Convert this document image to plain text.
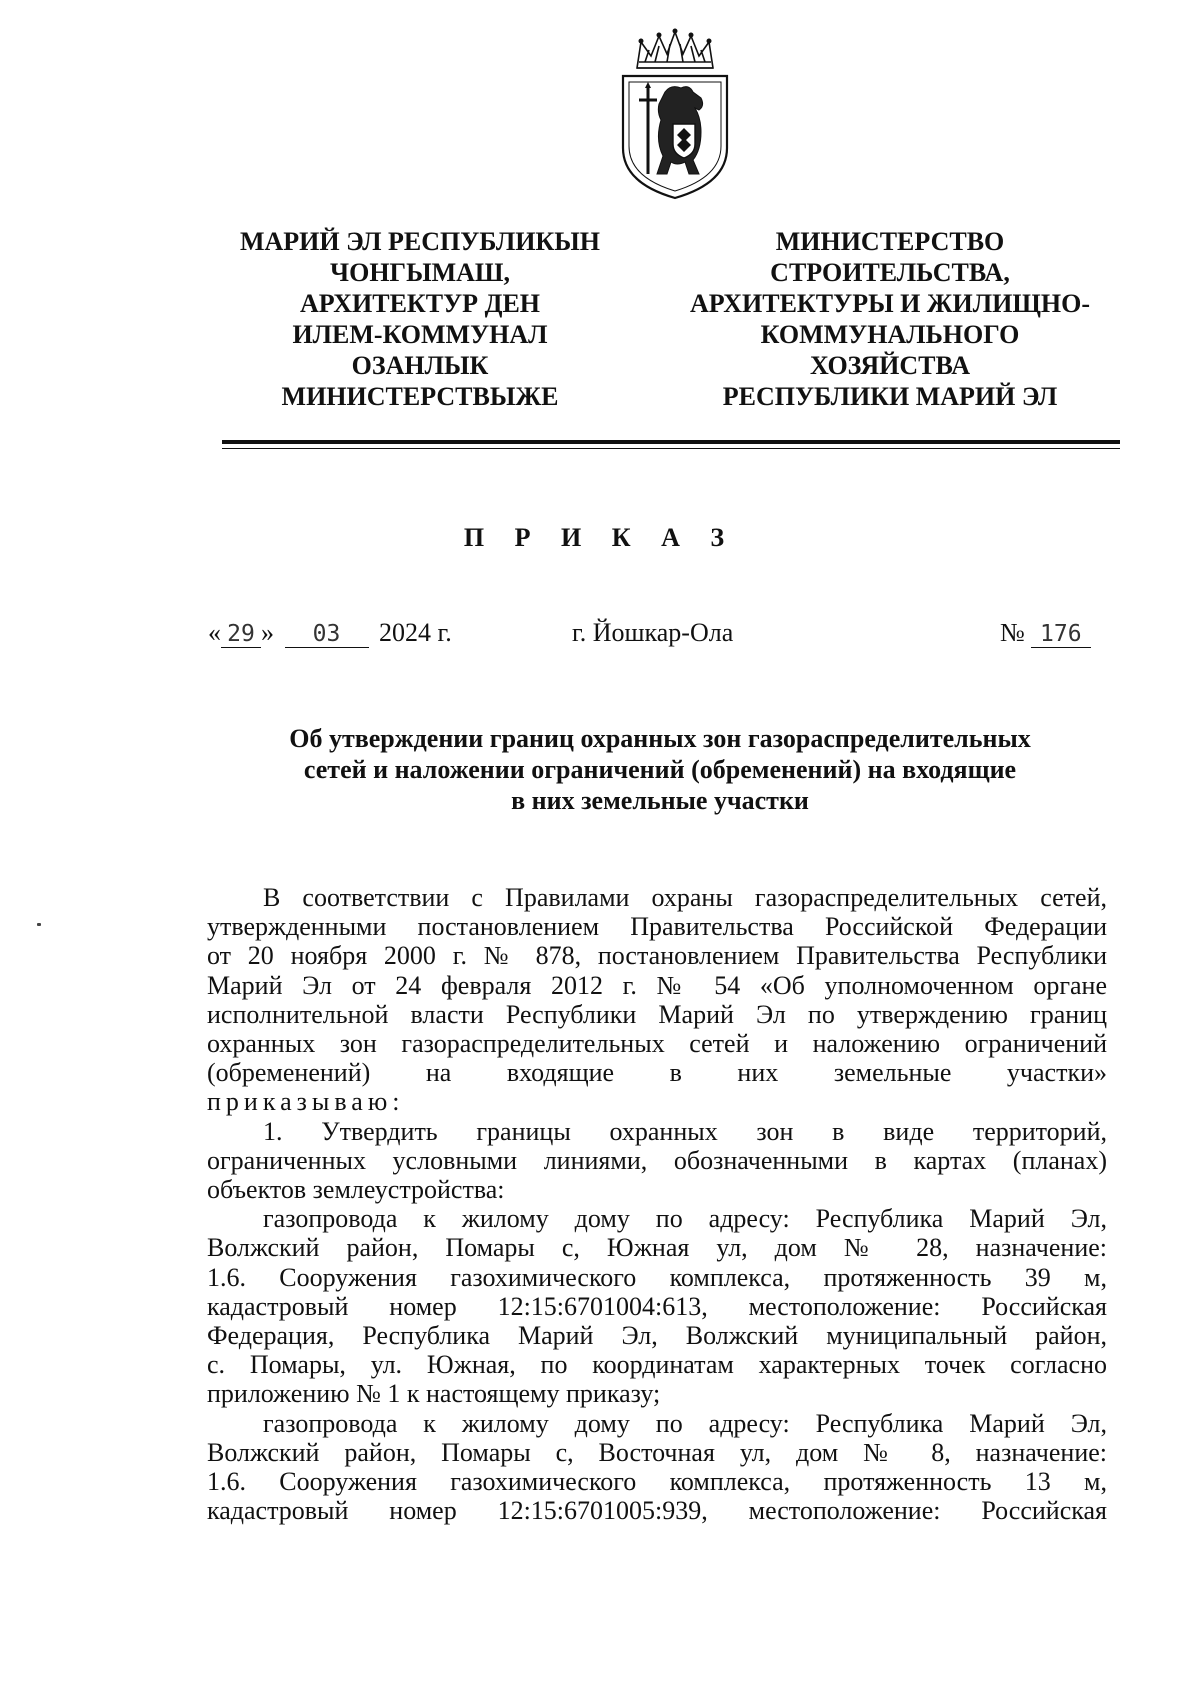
МАРИЙ ЭЛ РЕСПУБЛИКЫН
ЧОНГЫМАШ,
АРХИТЕКТУР ДЕН
ИЛЕМ-КОММУНАЛ
ОЗАНЛЫК
МИНИСТЕРСТВЫЖЕ
МИНИСТЕРСТВО
СТРОИТЕЛЬСТВА,
АРХИТЕКТУРЫ И ЖИЛИЩНО-
КОММУНАЛЬНОГО
ХОЗЯЙСТВА
РЕСПУБЛИКИ МАРИЙ ЭЛ
П Р И К А З
« 29 » 03 2024 г.	г. Йошкар-Ола	№ 176
Об утверждении границ охранных зон газораспределительных
сетей и наложении ограничений (обременений) на входящие
в них земельные участки
В соответствии с Правилами охраны газораспределительных сетей,
утвержденными постановлением Правительства Российской Федерации
от 20 ноября 2000 г. № 878, постановлением Правительства Республики
Марий Эл от 24 февраля 2012 г. № 54 «Об уполномоченном органе
исполнительной власти Республики Марий Эл по утверждению границ
охранных зон газораспределительных сетей и наложению ограничений
(обременений) на входящие в них земельные участки»
приказываю:
1. Утвердить границы охранных зон в виде территорий,
ограниченных условными линиями, обозначенными в картах (планах)
объектов землеустройства:
газопровода к жилому дому по адресу: Республика Марий Эл,
Волжский район, Помары с, Южная ул, дом № 28, назначение:
1.6. Сооружения газохимического комплекса, протяженность 39 м,
кадастровый номер 12:15:6701004:613, местоположение: Российская
Федерация, Республика Марий Эл, Волжский муниципальный район,
с. Помары, ул. Южная, по координатам характерных точек согласно
приложению № 1 к настоящему приказу;
газопровода к жилому дому по адресу: Республика Марий Эл,
Волжский район, Помары с, Восточная ул, дом № 8, назначение:
1.6. Сооружения газохимического комплекса, протяженность 13 м,
кадастровый номер 12:15:6701005:939, местоположение: Российская
